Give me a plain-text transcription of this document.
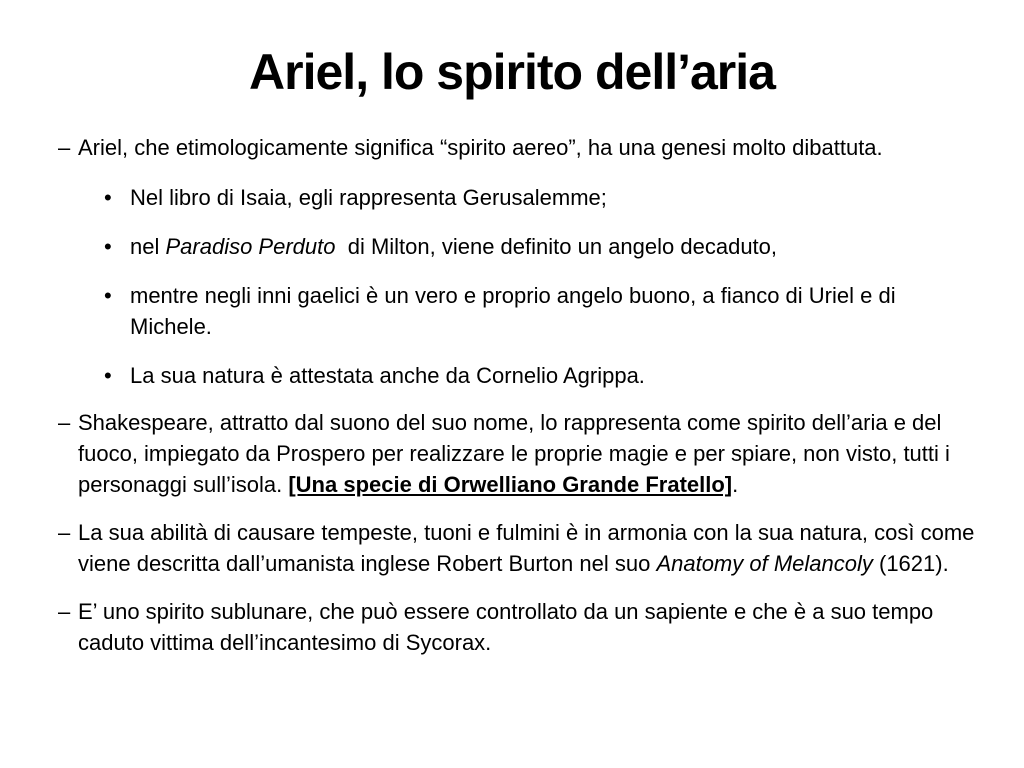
Ariel, lo spirito dell’aria

– Ariel, che etimologicamente significa “spirito aereo”, ha una genesi molto dibattuta.

• Nel libro di Isaia, egli rappresenta Gerusalemme;

• nel Paradiso Perduto  di Milton, viene definito un angelo decaduto,

• mentre negli inni gaelici è un vero e proprio angelo buono, a fianco di Uriel e di Michele.

• La sua natura è attestata anche da Cornelio Agrippa.

– Shakespeare, attratto dal suono del suo nome, lo rappresenta come spirito dell’aria e del fuoco, impiegato da Prospero per realizzare le proprie magie e per spiare, non visto, tutti i personaggi sull’isola. [Una specie di Orwelliano Grande Fratello].

– La sua abilità di causare tempeste, tuoni e fulmini è in armonia con la sua natura, così come viene descritta dall’umanista inglese Robert Burton nel suo Anatomy of Melancoly (1621).

– E’ uno spirito sublunare, che può essere controllato da un sapiente e che è a suo tempo caduto vittima dell’incantesimo di Sycorax.
